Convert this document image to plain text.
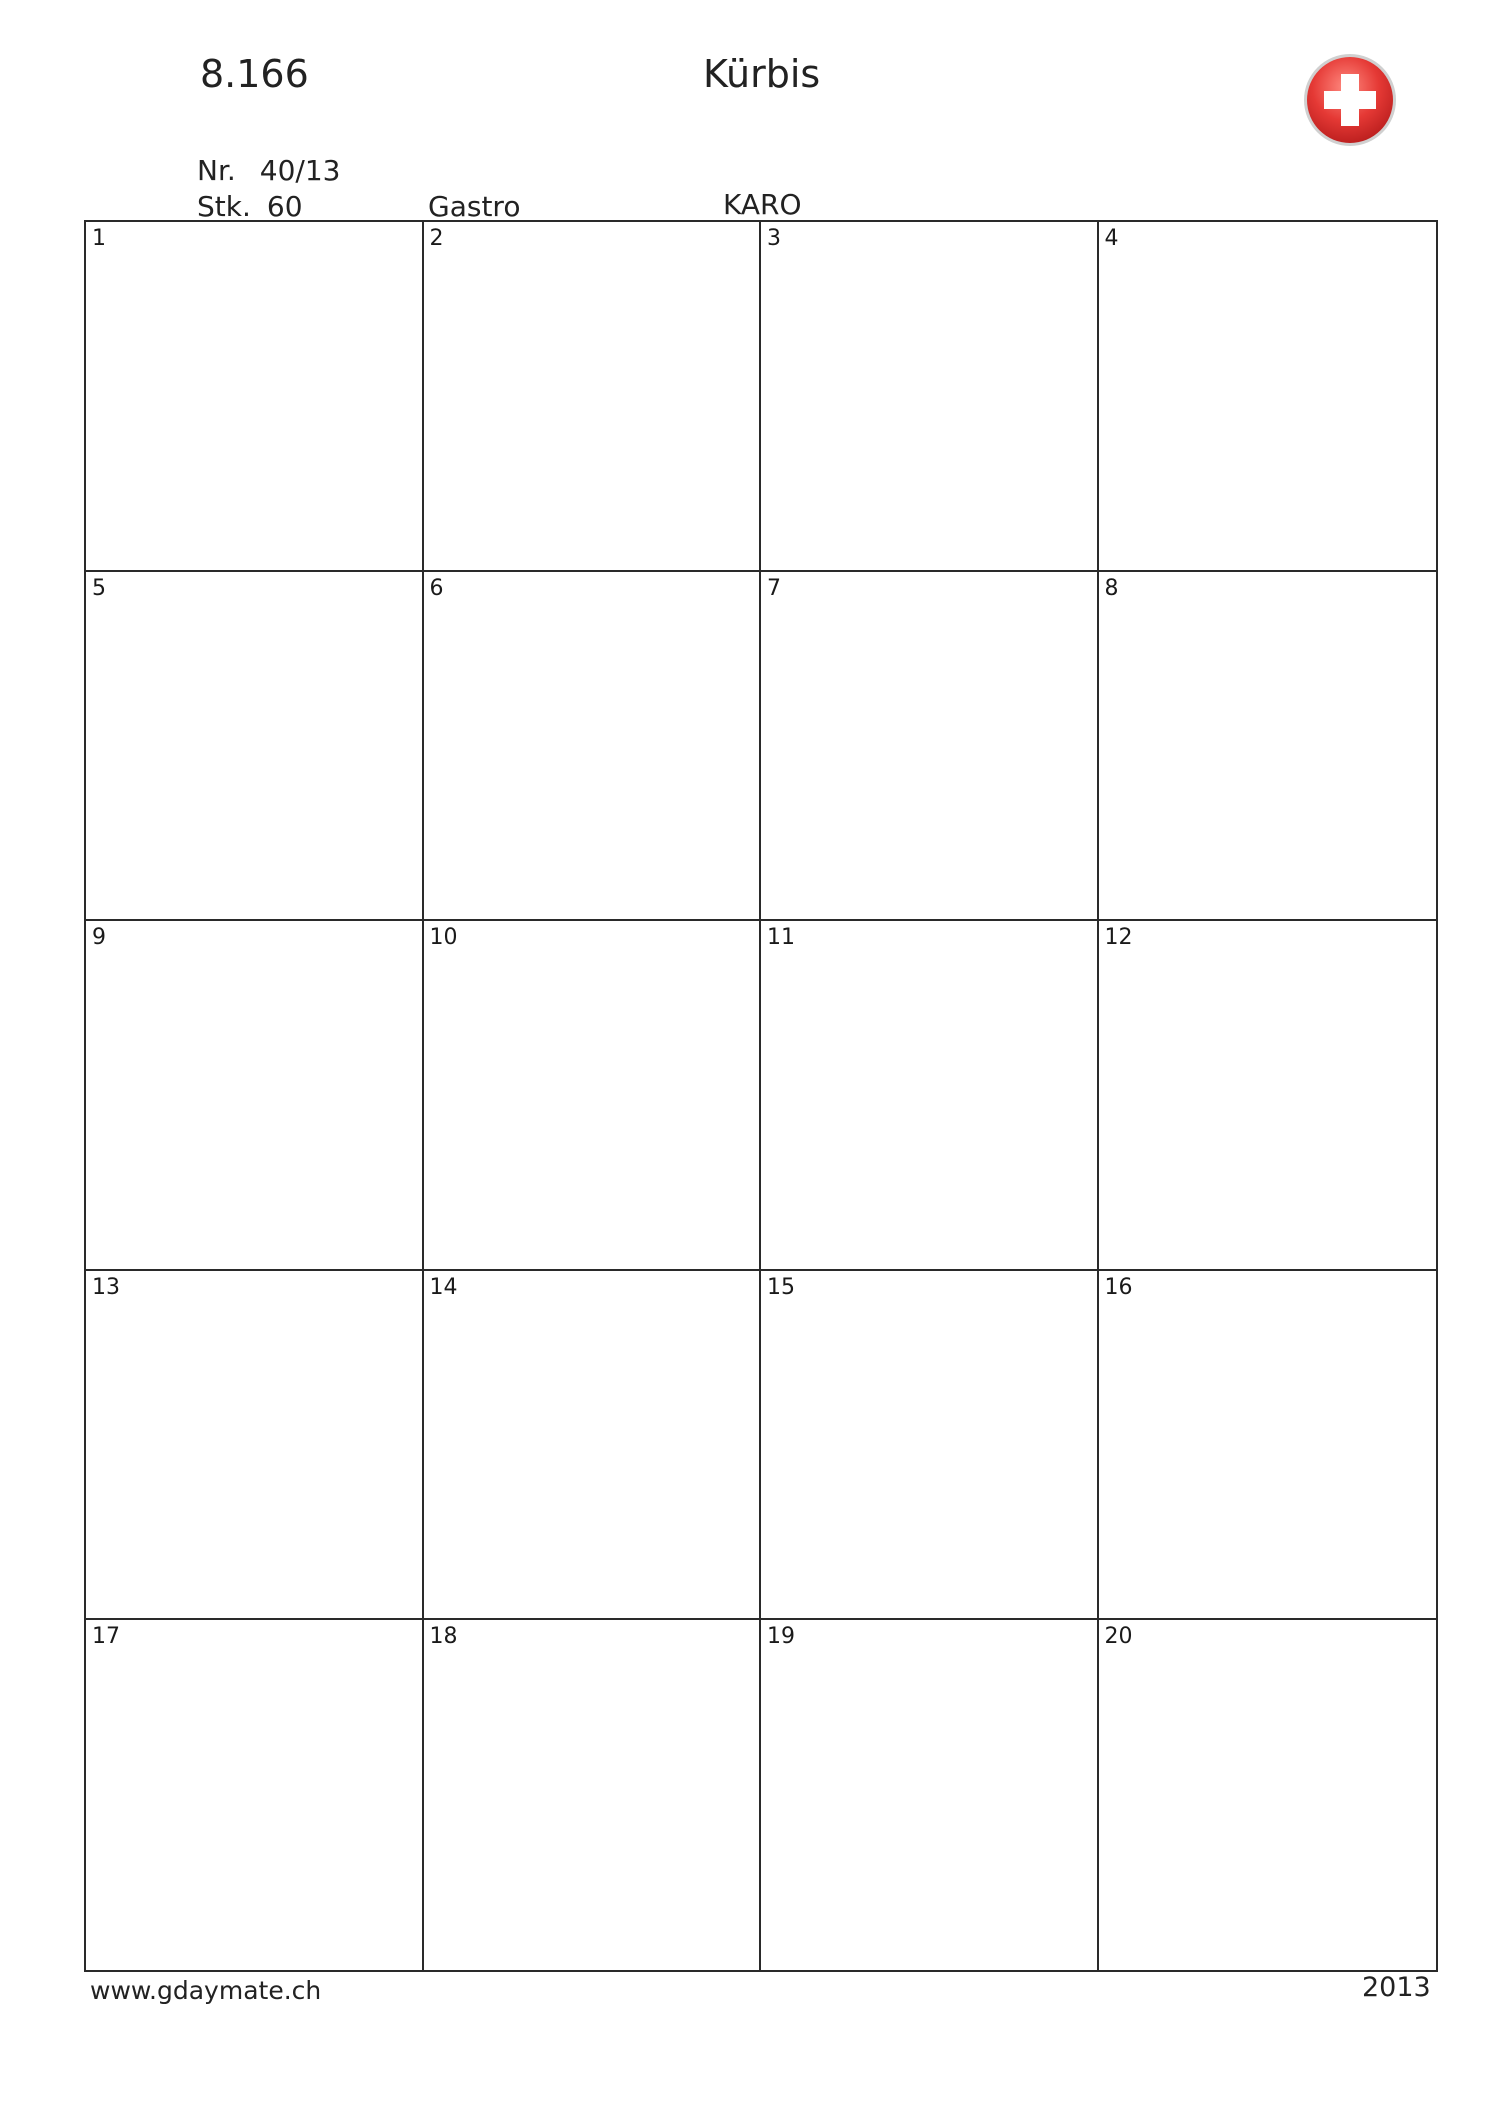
8.166	Kürbis
Nr. 40/13
Stk. 60	Gastro	KARO
1	2	3	4
5	6	7	8
9	10	11	12
13	14	15	16
17	18	19	20
www.gdaymate.ch	2013
